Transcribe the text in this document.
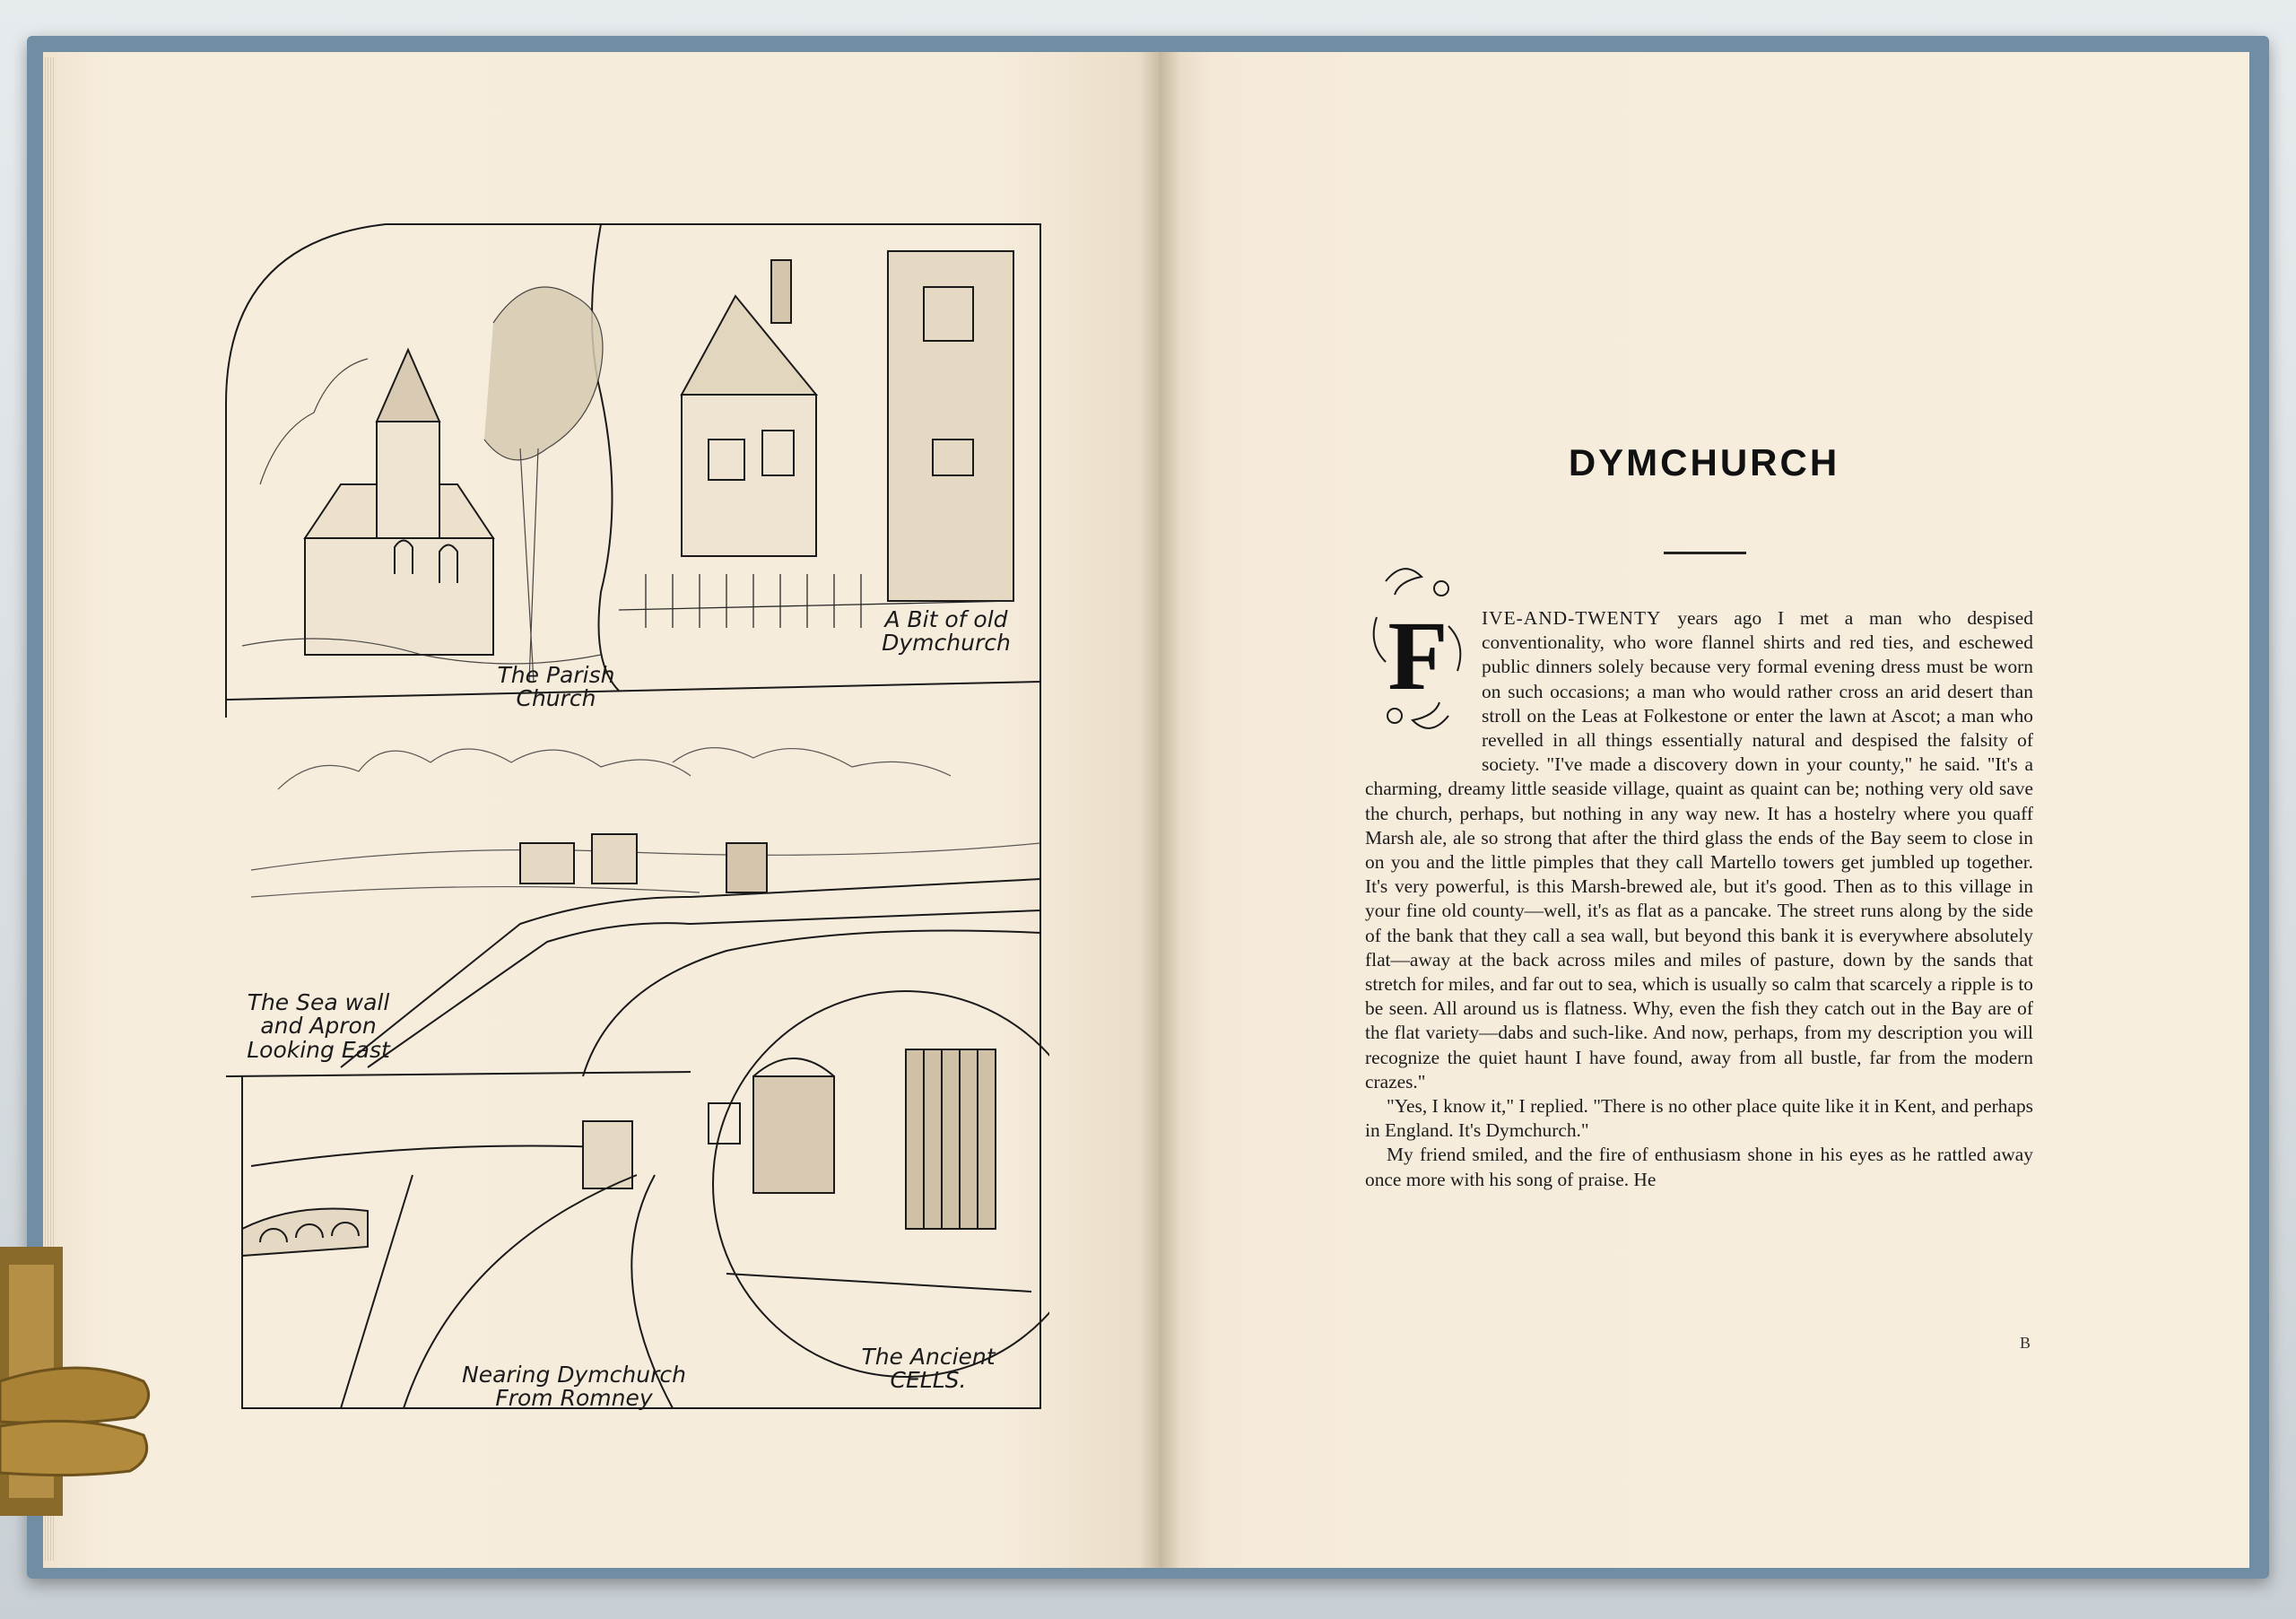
The Parish Church
A Bit of old Dymchurch
The Sea wall and Apron Looking East
The Ancient CELLS.
Nearing Dymchurch From Romney
DYMCHURCH
F	IVE-AND-TWENTY years ago I met a man who despised conventionality, who wore flannel shirts and red ties, and eschewed public dinners solely because very formal evening dress must be worn on such occasions; a man who would rather cross an arid desert than stroll on the Leas at Folkestone or enter the lawn at Ascot; a man who revelled in all things essentially natural and despised the falsity of society. "I've made a discovery down in your county," he said. "It's a charming, dreamy little seaside village, quaint as quaint can be; nothing very old save the church, perhaps, but nothing in any way new. It has a hostelry where you quaff Marsh ale, ale so strong that after the third glass the ends of the Bay seem to close in on you and the little pimples that they call Martello towers get jumbled up together. It's very powerful, is this Marsh-brewed ale, but it's good. Then as to this village in your fine old county—well, it's as flat as a pancake. The street runs along by the side of the bank that they call a sea wall, but beyond this bank it is everywhere absolutely flat—away at the back across miles and miles of pasture, down by the sands that stretch for miles, and far out to sea, which is usually so calm that scarcely a ripple is to be seen. All around us is flatness. Why, even the fish they catch out in the Bay are of the flat variety—dabs and such-like. And now, perhaps, from my description you will recognize the quiet haunt I have found, away from all bustle, far from the modern crazes."

"Yes, I know it," I replied. "There is no other place quite like it in Kent, and perhaps in England. It's Dymchurch."

My friend smiled, and the fire of enthusiasm shone in his eyes as he rattled away once more with his song of praise. He

B
